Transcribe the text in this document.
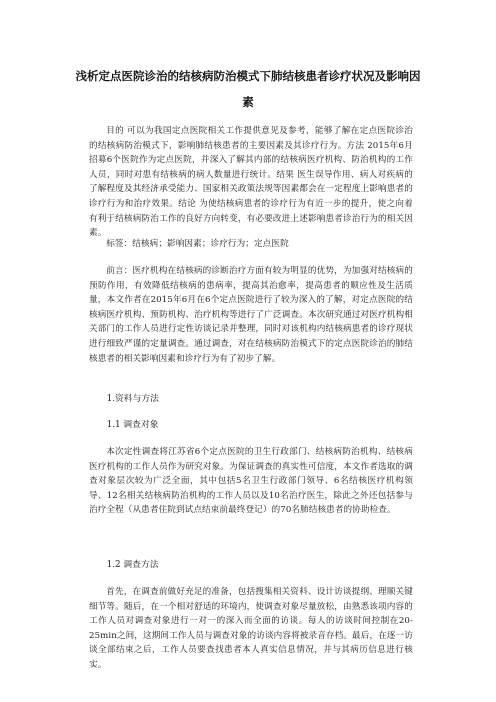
浅析定点医院诊治的结核病防治模式下肺结核患者诊疗状况及影响因素

目的 可以为我国定点医院相关工作提供意见及参考，能够了解在定点医院诊治的结核病防治模式下，影响肺结核患者的主要因素及其诊疗行为。方法 2015年6月招募6个医院作为定点医院，并深入了解其内部的结核病医疗机构、防治机构的工作人员，同时对患有结核病的病人数量进行统计。结果 医生误导作用、病人对疾病的了解程度及其经济承受能力、国家相关政策法规等因素都会在一定程度上影响患者的诊疗行为和治疗效果。结论 为使结核病患者的诊疗行为有近一步的提升，使之向着有利于结核病防治工作的良好方向转变，有必要改进上述影响患者诊治行为的相关因素。

标签：结核病；影响因素；诊疗行为；定点医院

前言：医疗机构在结核病的诊断治疗方面有较为明显的优势，为加强对结核病的预防作用，有效降低结核病的患病率，提高其治愈率，提高患者的顺应性及生活质量，本文作者在2015年6月在6个定点医院进行了较为深入的了解，对定点医院的结核病医疗机构、预防机构、治疗机构等进行了广泛调查。本次研究通过对医疗机构相关部门的工作人员进行定性访谈记录并整理，同时对该机构内结核病患者的诊疗现状进行细致严谨的定量调查。通过调查，对在结核病防治模式下的定点医院诊治的肺结核患者的相关影响因素和诊疗行为有了初步了解。

1.资料与方法

1.1 调查对象

本次定性调查将江苏省6个定点医院的卫生行政部门、结核病防治机构、结核病医疗机构的工作人员作为研究对象。为保证调查的真实性可信度，本文作者选取的调查对象层次较为广泛全面，其中包括5名卫生行政部门领导、6名结核医疗机构领导、12名相关结核病防治机构的工作人员以及10名治疗医生，除此之外还包括参与治疗全程（从患者住院到试点结束前最终登记）的70名肺结核患者的协助检查。

1.2 调查方法

首先，在调查前做好充足的准备，包括搜集相关资料、设计访谈提纲、理顺关键细节等。随后，在一个相对舒适的环境内，使调查对象尽量放松，由熟悉该项内容的工作人员对调查对象进行一对一的深入而全面的访谈。每人的访谈时间控制在20-25min之间，这期间工作人员与调查对象的访谈内容将被录音存档。最后，在逐一访谈全部结束之后，工作人员要查找患者本人真实信息情况，并与其病历信息进行核实。
